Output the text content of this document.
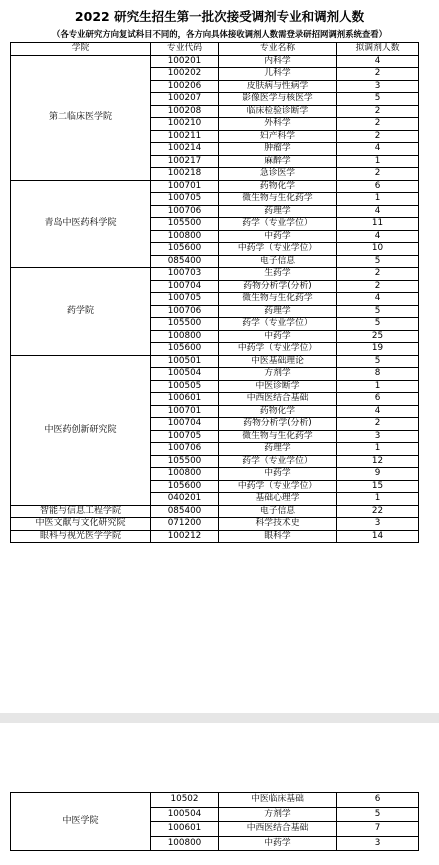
2022 研究生招生第一批次接受调剂专业和调剂人数
（各专业研究方向复试科目不同的，各方向具体接收调剂人数需登录研招网调剂系统查看）
学院	专业代码	专业名称	拟调剂人数
第二临床医学院	100201	内科学	4
	100202	儿科学	2
	100206	皮肤病与性病学	3
	100207	影像医学与核医学	5
	100208	临床检验诊断学	2
	100210	外科学	2
	100211	妇产科学	2
	100214	肿瘤学	4
	100217	麻醉学	1
	100218	急诊医学	2
青岛中医药科学院	100701	药物化学	6
	100705	微生物与生化药学	1
	100706	药理学	4
	105500	药学（专业学位）	11
	100800	中药学	4
	105600	中药学（专业学位）	10
	085400	电子信息	5
药学院	100703	生药学	2
	100704	药物分析学(分析)	2
	100705	微生物与生化药学	4
	100706	药理学	5
	105500	药学（专业学位）	5
	100800	中药学	25
	105600	中药学（专业学位）	19
中医药创新研究院	100501	中医基础理论	5
	100504	方剂学	8
	100505	中医诊断学	1
	100601	中西医结合基础	6
	100701	药物化学	4
	100704	药物分析学(分析)	2
	100705	微生物与生化药学	3
	100706	药理学	1
	105500	药学（专业学位）	12
	100800	中药学	9
	105600	中药学（专业学位）	15
	040201	基础心理学	1
智能与信息工程学院	085400	电子信息	22
中医文献与文化研究院	071200	科学技术史	3
眼科与视光医学学院	100212	眼科学	14
中医学院	10502	中医临床基础	6
	100504	方剂学	5
	100601	中西医结合基础	7
	100800	中药学	3
